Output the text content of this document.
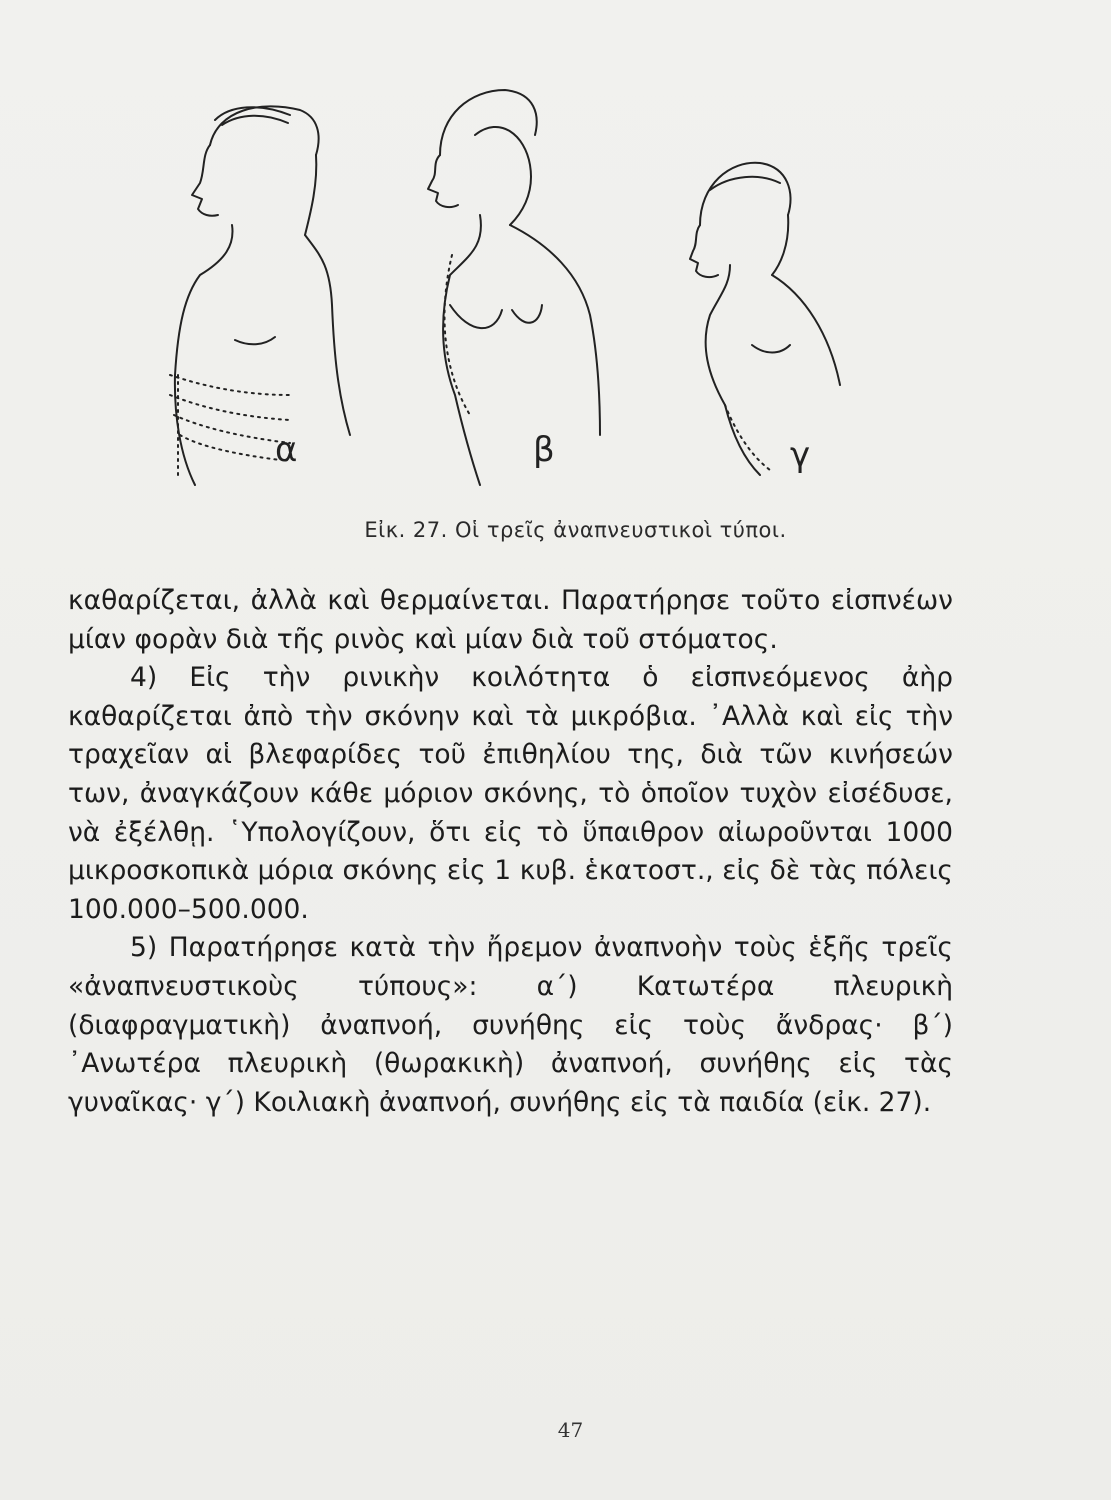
α	β	γ
Εἰκ. 27. Οἱ τρεῖς ἀναπνευστικοὶ τύποι.

καθαρίζεται, ἀλλὰ καὶ θερμαίνεται. Παρατήρησε τοῦτο εἰσπνέων μίαν φορὰν διὰ τῆς ρινὸς καὶ μίαν διὰ τοῦ στόματος.

4) Εἰς τὴν ρινικὴν κοιλότητα ὁ εἰσπνεόμενος ἀὴρ καθαρίζεται ἀπὸ τὴν σκόνην καὶ τὰ μικρόβια. ᾽Αλλὰ καὶ εἰς τὴν τραχεῖαν αἱ βλεφαρίδες τοῦ ἐπιθηλίου της, διὰ τῶν κινήσεών των, ἀναγκάζουν κάθε μόριον σκόνης, τὸ ὁποῖον τυχὸν εἰσέδυσε, νὰ ἐξέλθῃ. ῾Υπολογίζουν, ὅτι εἰς τὸ ὕπαιθρον αἰωροῦνται 1000 μικροσκοπικὰ μόρια σκόνης εἰς 1 κυβ. ἑκατοστ., εἰς δὲ τὰς πόλεις 100.000–500.000.

5) Παρατήρησε κατὰ τὴν ἤρεμον ἀναπνοὴν τοὺς ἑξῆς τρεῖς «ἀναπνευστικοὺς τύπους»: α΄) Κατωτέρα πλευρικὴ (διαφραγματικὴ) ἀναπνοή, συνήθης εἰς τοὺς ἄνδρας· β΄) ᾽Ανωτέρα πλευρικὴ (θωρακικὴ) ἀναπνοή, συνήθης εἰς τὰς γυναῖκας· γ΄) Κοιλιακὴ ἀναπνοή, συνήθης εἰς τὰ παιδία (εἰκ. 27).

47
